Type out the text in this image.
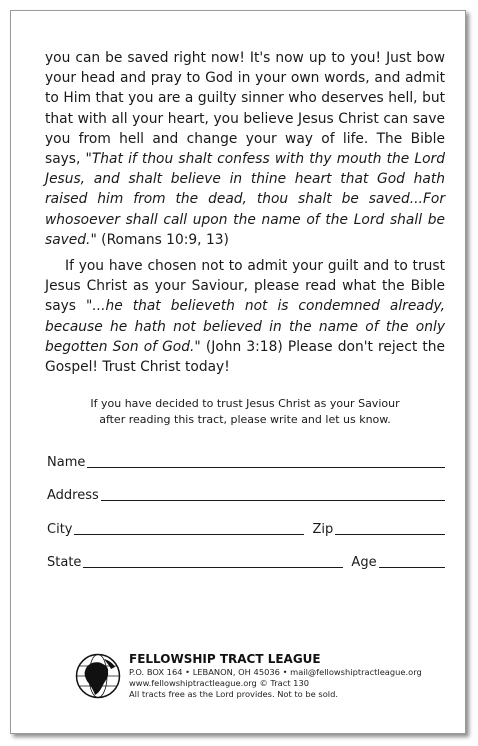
you can be saved right now! It's now up to you! Just bow your head and pray to God in your own words, and admit to Him that you are a guilty sinner who deserves hell, but that with all your heart, you believe Jesus Christ can save you from hell and change your way of life. The Bible says, "That if thou shalt confess with thy mouth the Lord Jesus, and shalt believe in thine heart that God hath raised him from the dead, thou shalt be saved...For whosoever shall call upon the name of the Lord shall be saved." (Romans 10:9, 13)

If you have chosen not to admit your guilt and to trust Jesus Christ as your Saviour, please read what the Bible says "...he that believeth not is condemned already, because he hath not believed in the name of the only begotten Son of God." (John 3:18) Please don't reject the Gospel! Trust Christ today!

If you have decided to trust Jesus Christ as your Saviour
after reading this tract, please write and let us know.
Name
Address
City	Zip
State	Age
FELLOWSHIP TRACT LEAGUE
P.O. BOX 164 • LEBANON, OH 45036 • mail@fellowshiptractleague.org
www.fellowshiptractleague.org © Tract 130
All tracts free as the Lord provides. Not to be sold.
